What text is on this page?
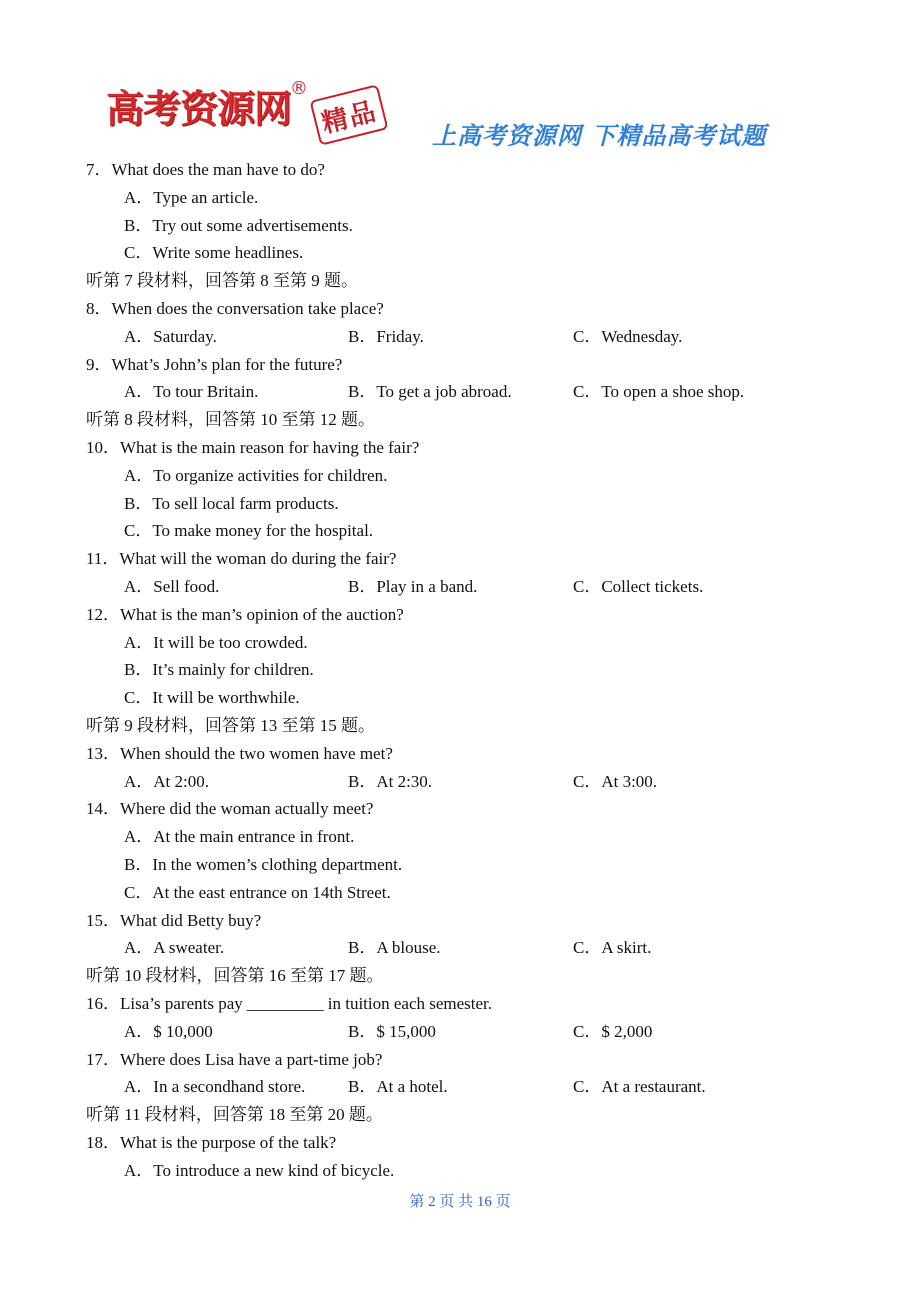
高考资源网
®
精品	上高考资源网 下精品高考试题
7．What does the man have to do?
A．Type an article.
B．Try out some advertisements.
C．Write some headlines.
听第 7 段材料，回答第 8 至第 9 题。
8．When does the conversation take place?
A．Saturday.	B．Friday.	C．Wednesday.
9．What’s John’s plan for the future?
A．To tour Britain.	B．To get a job abroad.	C．To open a shoe shop.
听第 8 段材料，回答第 10 至第 12 题。
10．What is the main reason for having the fair?
A．To organize activities for children.
B．To sell local farm products.
C．To make money for the hospital.
11．What will the woman do during the fair?
A．Sell food.	B．Play in a band.	C．Collect tickets.
12．What is the man’s opinion of the auction?
A．It will be too crowded.
B．It’s mainly for children.
C．It will be worthwhile.
听第 9 段材料，回答第 13 至第 15 题。
13．When should the two women have met?
A．At 2:00.	B．At 2:30.	C．At 3:00.
14．Where did the woman actually meet?
A．At the main entrance in front.
B．In the women’s clothing department.
C．At the east entrance on 14th Street.
15．What did Betty buy?
A．A sweater.	B．A blouse.	C．A skirt.
听第 10 段材料，回答第 16 至第 17 题。
16．Lisa’s parents pay _________ in tuition each semester.
A．$ 10,000	B．$ 15,000	C．$ 2,000
17．Where does Lisa have a part-time job?
A．In a secondhand store.	B．At a hotel.	C．At a restaurant.
听第 11 段材料，回答第 18 至第 20 题。
18．What is the purpose of the talk?
A．To introduce a new kind of bicycle.
第 2 页 共 16 页
